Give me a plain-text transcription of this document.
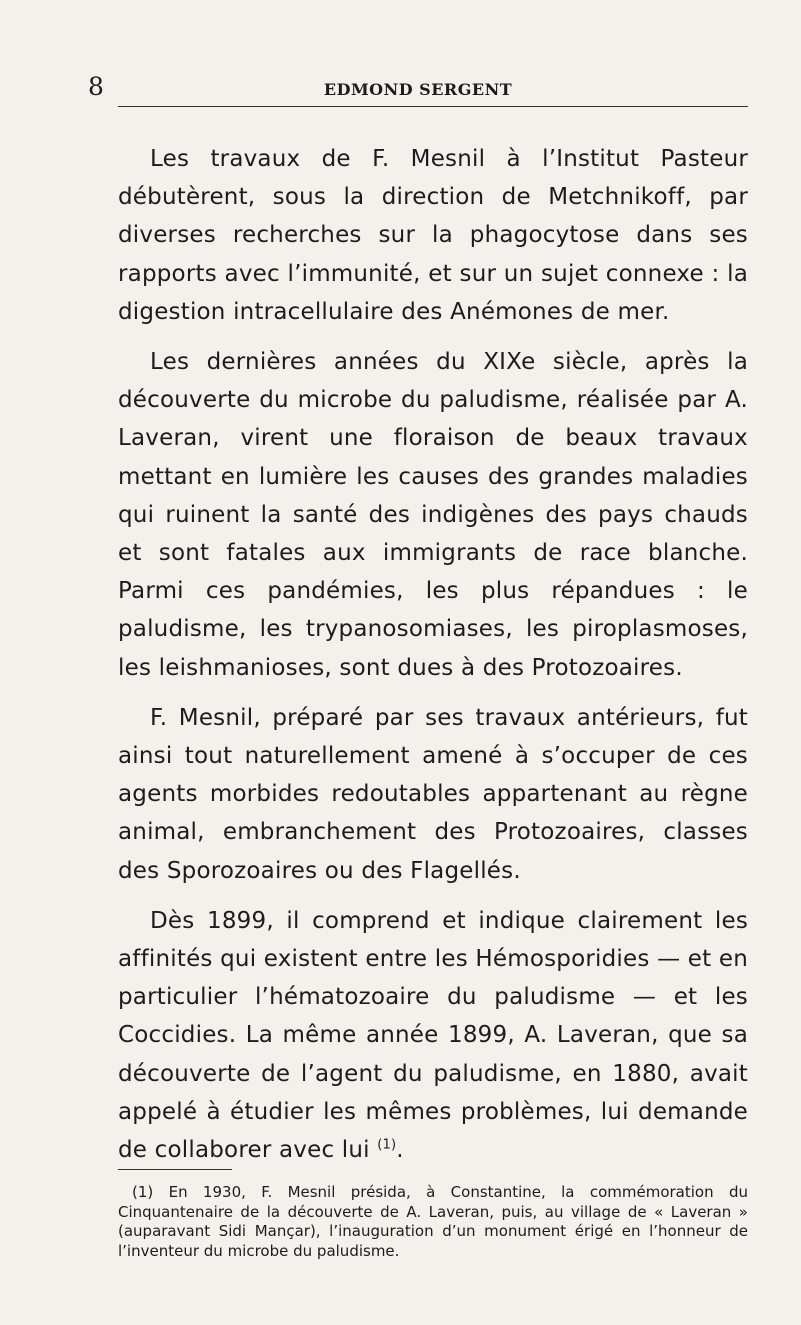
8	EDMOND SERGENT

Les travaux de F. Mesnil à l’Institut Pasteur débutèrent, sous la direction de Metchnikoff, par diverses recherches sur la phagocytose dans ses rapports avec l’immunité, et sur un sujet connexe : la digestion intracellulaire des Anémones de mer.

Les dernières années du XIXe siècle, après la découverte du microbe du paludisme, réalisée par A. Laveran, virent une floraison de beaux travaux mettant en lumière les causes des grandes maladies qui ruinent la santé des indigènes des pays chauds et sont fatales aux immigrants de race blanche. Parmi ces pandémies, les plus répandues : le paludisme, les trypanosomiases, les piroplasmoses, les leishmanioses, sont dues à des Protozoaires.

F. Mesnil, préparé par ses travaux antérieurs, fut ainsi tout naturellement amené à s’occuper de ces agents morbides redoutables appartenant au règne animal, embranchement des Protozoaires, classes des Sporozoaires ou des Flagellés.

Dès 1899, il comprend et indique clairement les affinités qui existent entre les Hémosporidies — et en particulier l’hématozoaire du paludisme — et les Coccidies. La même année 1899, A. Laveran, que sa découverte de l’agent du paludisme, en 1880, avait appelé à étudier les mêmes problèmes, lui demande de collaborer avec lui $^{(1)}$.

(1) En 1930, F. Mesnil présida, à Constantine, la commémoration du Cinquantenaire de la découverte de A. Laveran, puis, au village de « Laveran » (auparavant Sidi Mançar), l’inauguration d’un monument érigé en l’honneur de l’inventeur du microbe du paludisme.
